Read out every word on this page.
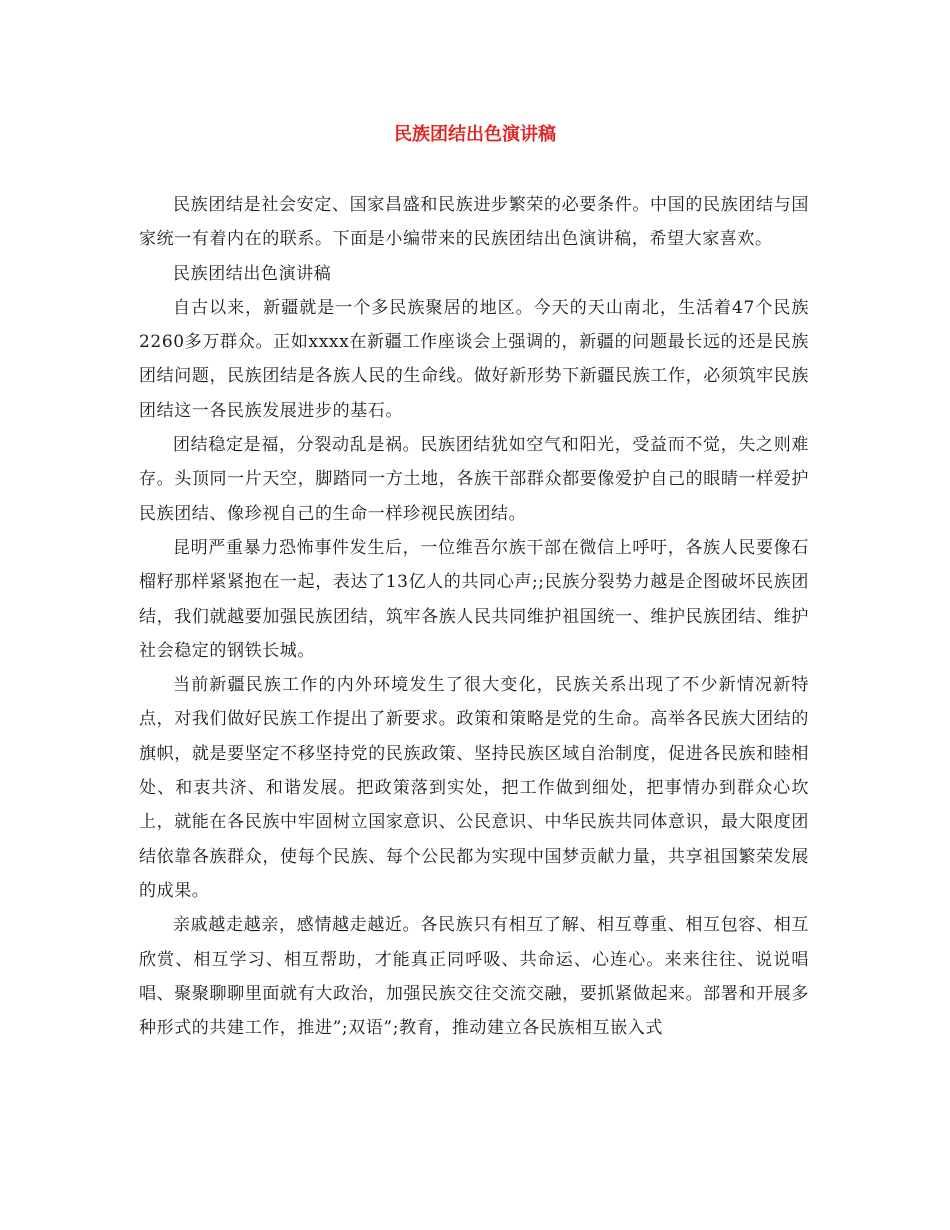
民族团结出色演讲稿

民族团结是社会安定、国家昌盛和民族进步繁荣的必要条件。中国的民族团结与国家统一有着内在的联系。下面是小编带来的民族团结出色演讲稿，希望大家喜欢。

民族团结出色演讲稿

自古以来，新疆就是一个多民族聚居的地区。今天的天山南北，生活着47个民族2260多万群众。正如xxxx在新疆工作座谈会上强调的，新疆的问题最长远的还是民族团结问题，民族团结是各族人民的生命线。做好新形势下新疆民族工作，必须筑牢民族团结这一各民族发展进步的基石。

团结稳定是福，分裂动乱是祸。民族团结犹如空气和阳光，受益而不觉，失之则难存。头顶同一片天空，脚踏同一方土地，各族干部群众都要像爱护自己的眼睛一样爱护民族团结、像珍视自己的生命一样珍视民族团结。

昆明严重暴力恐怖事件发生后，一位维吾尔族干部在微信上呼吁，各族人民要像石榴籽那样紧紧抱在一起，表达了13亿人的共同心声;;民族分裂势力越是企图破坏民族团结，我们就越要加强民族团结，筑牢各族人民共同维护祖国统一、维护民族团结、维护社会稳定的钢铁长城。

当前新疆民族工作的内外环境发生了很大变化，民族关系出现了不少新情况新特点，对我们做好民族工作提出了新要求。政策和策略是党的生命。高举各民族大团结的旗帜，就是要坚定不移坚持党的民族政策、坚持民族区域自治制度，促进各民族和睦相处、和衷共济、和谐发展。把政策落到实处，把工作做到细处，把事情办到群众心坎上，就能在各民族中牢固树立国家意识、公民意识、中华民族共同体意识，最大限度团结依靠各族群众，使每个民族、每个公民都为实现中国梦贡献力量，共享祖国繁荣发展的成果。

亲戚越走越亲，感情越走越近。各民族只有相互了解、相互尊重、相互包容、相互欣赏、相互学习、相互帮助，才能真正同呼吸、共命运、心连心。来来往往、说说唱唱、聚聚聊聊里面就有大政治，加强民族交往交流交融，要抓紧做起来。部署和开展多种形式的共建工作，推进”;双语”;教育，推动建立各民族相互嵌入式
